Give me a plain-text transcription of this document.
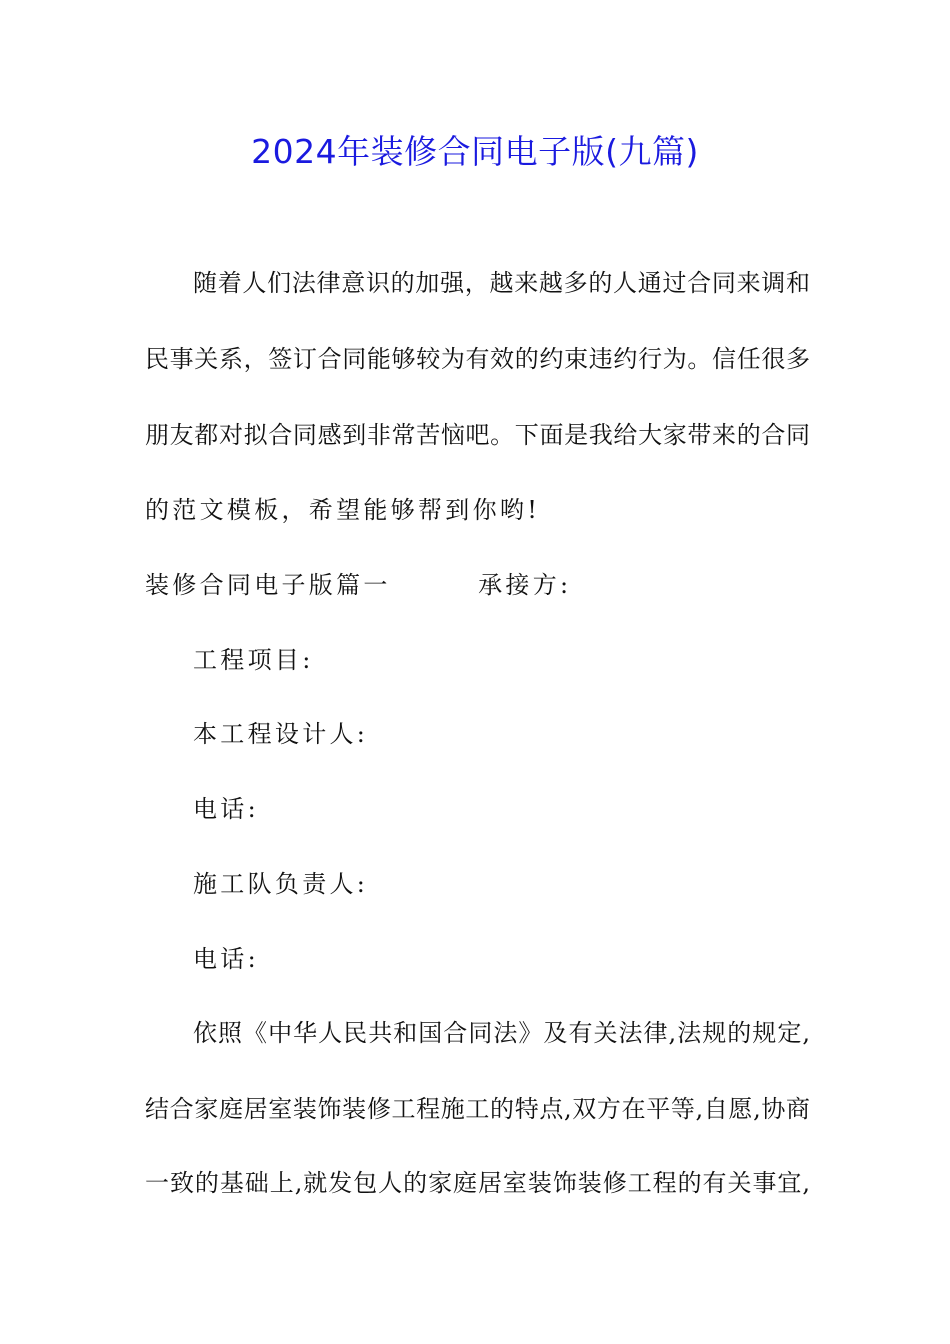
2024年装修合同电子版(九篇)
随着人们法律意识的加强，越来越多的人通过合同来调和
民事关系，签订合同能够较为有效的约束违约行为。信任很多
朋友都对拟合同感到非常苦恼吧。下面是我给大家带来的合同
的范文模板，希望能够帮到你哟!
装修合同电子版篇一        承接方:
工程项目:
本工程设计人:
电话:
施工队负责人:
电话:
依照《中华人民共和国合同法》及有关法律,法规的规定,
结合家庭居室装饰装修工程施工的特点,双方在平等,自愿,协商
一致的基础上,就发包人的家庭居室装饰装修工程的有关事宜,
